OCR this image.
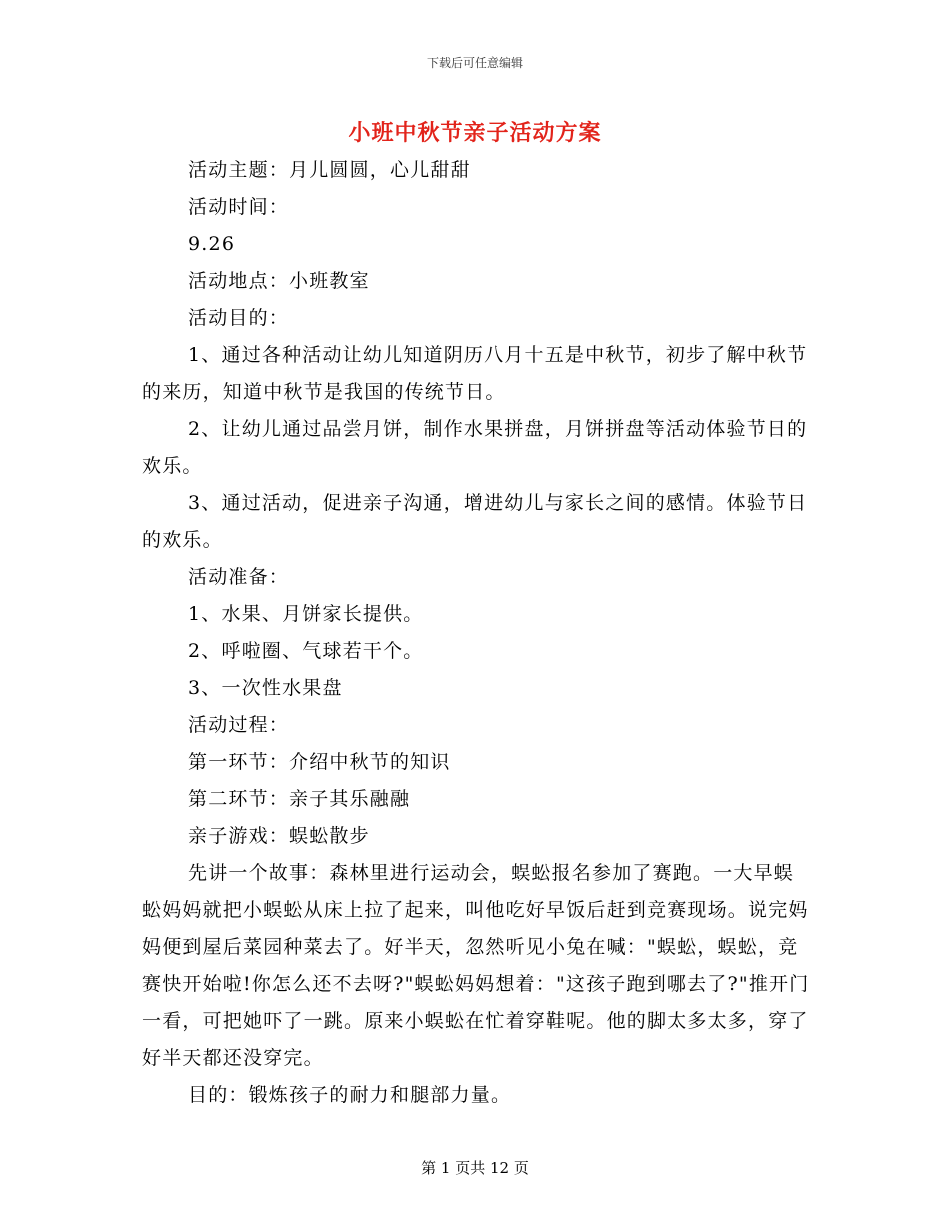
下载后可任意编辑
小班中秋节亲子活动方案

活动主题：月儿圆圆，心儿甜甜

活动时间：

9.26

活动地点：小班教室

活动目的：

1、通过各种活动让幼儿知道阴历八月十五是中秋节，初步了解中秋节的来历，知道中秋节是我国的传统节日。

2、让幼儿通过品尝月饼，制作水果拼盘，月饼拼盘等活动体验节日的欢乐。

3、通过活动，促进亲子沟通，增进幼儿与家长之间的感情。体验节日的欢乐。

活动准备：

1、水果、月饼家长提供。

2、呼啦圈、气球若干个。

3、一次性水果盘

活动过程：

第一环节：介绍中秋节的知识

第二环节：亲子其乐融融

亲子游戏：蜈蚣散步

先讲一个故事：森林里进行运动会，蜈蚣报名参加了赛跑。一大早蜈蚣妈妈就把小蜈蚣从床上拉了起来，叫他吃好早饭后赶到竞赛现场。说完妈妈便到屋后菜园种菜去了。好半天，忽然听见小兔在喊："蜈蚣，蜈蚣，竞赛快开始啦!你怎么还不去呀?"蜈蚣妈妈想着："这孩子跑到哪去了?"推开门一看，可把她吓了一跳。原来小蜈蚣在忙着穿鞋呢。他的脚太多太多，穿了好半天都还没穿完。

目的：锻炼孩子的耐力和腿部力量。

第 1 页共 12 页
